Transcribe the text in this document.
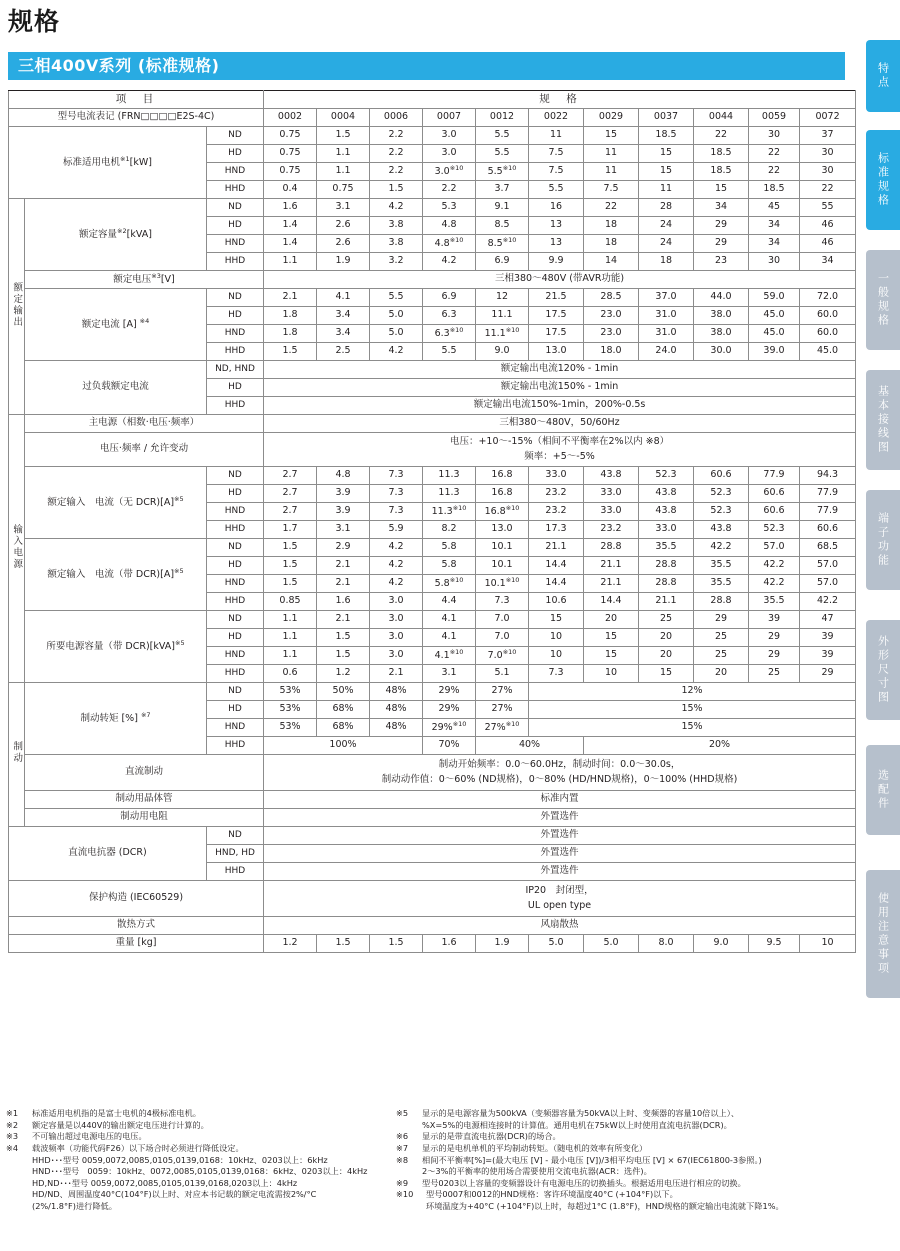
规格
三相400V系列 (标准规格)
项　目			规　格										
型号电流表记 (FRN□□□□E2S-4C)			0002	0004	0006	0007	0012	0022	0029	0037	0044	0059	0072
标准适用电机$^{※1}$[kW]		ND	0.75	1.5	2.2	3.0	5.5	11	15	18.5	22	30	37
		HD	0.75	1.1	2.2	3.0	5.5	7.5	11	15	18.5	22	30
		HND	0.75	1.1	2.2	3.0$^{※10}$	5.5$^{※10}$	7.5	11	15	18.5	22	30
		HHD	0.4	0.75	1.5	2.2	3.7	5.5	7.5	11	15	18.5	22
额定输出	额定容量$^{※2}$[kVA]	ND	1.6	3.1	4.2	5.3	9.1	16	22	28	34	45	55
		HD	1.4	2.6	3.8	4.8	8.5	13	18	24	29	34	46
		HND	1.4	2.6	3.8	4.8$^{※10}$	8.5$^{※10}$	13	18	24	29	34	46
		HHD	1.1	1.9	3.2	4.2	6.9	9.9	14	18	23	30	34
	额定电压$^{※3}$[V]		三相380～480V (带AVR功能)										
	额定电流 [A] $^{※4}$	ND	2.1	4.1	5.5	6.9	12	21.5	28.5	37.0	44.0	59.0	72.0
		HD	1.8	3.4	5.0	6.3	11.1	17.5	23.0	31.0	38.0	45.0	60.0
		HND	1.8	3.4	5.0	6.3$^{※10}$	11.1$^{※10}$	17.5	23.0	31.0	38.0	45.0	60.0
		HHD	1.5	2.5	4.2	5.5	9.0	13.0	18.0	24.0	30.0	39.0	45.0
	过负载额定电流	ND, HND	额定输出电流120% - 1min										
		HD	额定输出电流150% - 1min										
		HHD	额定输出电流150%-1min，200%-0.5s										
输入电源	主电源（相数·电压·频率）		三相380～480V，50/60Hz										
	电压·频率 / 允许变动		电压：+10～-15%（相间不平衡率在2%以内 ※8）
频率：+5～-5%										
	额定输入　电流（无 $DCR)[A]^{※5}$	ND	2.7	4.8	7.3	11.3	16.8	33.0	43.8	52.3	60.6	77.9	94.3
		HD	2.7	3.9	7.3	11.3	16.8	23.2	33.0	43.8	52.3	60.6	77.9
		HND	2.7	3.9	7.3	11.3$^{※10}$	16.8$^{※10}$	23.2	33.0	43.8	52.3	60.6	77.9
		HHD	1.7	3.1	5.9	8.2	13.0	17.3	23.2	33.0	43.8	52.3	60.6
	额定输入　电流（带 $DCR)[A]^{※5}$	ND	1.5	2.9	4.2	5.8	10.1	21.1	28.8	35.5	42.2	57.0	68.5
		HD	1.5	2.1	4.2	5.8	10.1	14.4	21.1	28.8	35.5	42.2	57.0
		HND	1.5	2.1	4.2	5.8$^{※10}$	10.1$^{※10}$	14.4	21.1	28.8	35.5	42.2	57.0
		HHD	0.85	1.6	3.0	4.4	7.3	10.6	14.4	21.1	28.8	35.5	42.2
	所要电源容量（带 DCR)[kVA]$^{※5}$	ND	1.1	2.1	3.0	4.1	7.0	15	20	25	29	39	47
		HD	1.1	1.5	3.0	4.1	7.0	10	15	20	25	29	39
		HND	1.1	1.5	3.0	4.1$^{※10}$	7.0$^{※10}$	10	15	20	25	29	39
		HHD	0.6	1.2	2.1	3.1	5.1	7.3	10	15	20	25	29
制动	制动转矩 [%] $^{※7}$	ND	53%	50%	48%	29%	27%	12%					
		HD	53%	68%	48%	29%	27%	15%					
		HND	53%	68%	48%	29%$^{※10}$	27%$^{※10}$	15%					
		HHD	100%			70%	40%		20%				
	直流制动		制动开始频率：0.0～60.0Hz，制动时间：0.0～30.0s，
制动动作值：0～60% (ND规格)，0～80% (HD/HND规格)，0～100% (HHD规格)										
	制动用晶体管		标准内置										
	制动用电阻		外置选件										
直流电抗器 (DCR)		ND	外置选件										
		HND, HD	外置选件										
		HHD	外置选件										
保护构造 (IEC60529)			IP20　封闭型，
UL open type										
散热方式			风扇散热										
重量 [kg]			1.2	1.5	1.5	1.6	1.9	5.0	5.0	8.0	9.0	9.5	10
※1	标准适用电机指的是富士电机的4极标准电机。
※2	额定容量是以440V的输出额定电压进行计算的。
※3	不可输出超过电源电压的电压。
※4	载波频率（功能代码F26）以下场合时必须进行降低设定。
HHD･･･型号 0059,0072,0085,0105,0139,0168：10kHz、0203以上：6kHz
HND･･･型号　0059：10kHz、0072,0085,0105,0139,0168：6kHz、0203以上：4kHz
HD,ND･･･型号 0059,0072,0085,0105,0139,0168,0203以上：4kHz
HD/ND、周围温度40°C(104°F)以上时、对应本书记载的额定电流需按2%/°C
(2%/1.8°F)进行降低。
※5	显示的是电源容量为500kVA（变频器容量为50kVA以上时、变频器的容量10倍以上）、
%X=5%的电源相连接时的计算值。通用电机在75kW以上时使用直流电抗器(DCR)。
※6	显示的是带直流电抗器(DCR)的场合。
※7	显示的是电机单机的平均制动转矩。（随电机的效率有所变化）
※8	相间不平衡率[%]=(最大电压 [V] - 最小电压 [V])/3相平均电压 [V] × 67(IEC61800-3参照。)
2～3%的平衡率的使用场合需要使用交流电抗器(ACR：选件)。
※9	型号0203以上容量的变频器设计有电源电压的切换插头。根据适用电压进行相应的切换。
※10	型号0007和0012的HND规格：客许环境温度40°C (+104°F)以下。
环境温度为+40°C (+104°F)以上时，每超过1°C (1.8°F)，HND规格的额定输出电流就下降1%。
特点
标准规格
一般规格
基本接线图
端子功能
外形尺寸图
选配件
使用注意事项
